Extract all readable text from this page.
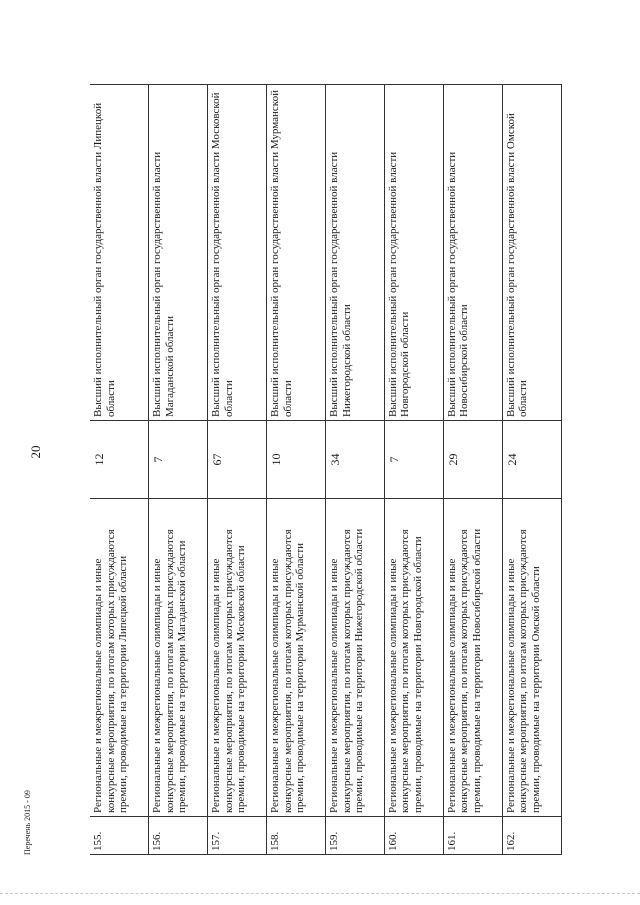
20
155.	Региональные и межрегиональные олимпиады и иные конкурсные мероприятия, по итогам которых присуждаются премии, проводимые на территории Липецкой области	12	Высший исполнительный орган государственной власти Липецкой области
156.	Региональные и межрегиональные олимпиады и иные конкурсные мероприятия, по итогам которых присуждаются премии, проводимые на территории Магаданской области	7	Высший исполнительный орган государственной власти Магаданской области
157.	Региональные и межрегиональные олимпиады и иные конкурсные мероприятия, по итогам которых присуждаются премии, проводимые на территории Московской области	67	Высший исполнительный орган государственной власти Московской области
158.	Региональные и межрегиональные олимпиады и иные конкурсные мероприятия, по итогам которых присуждаются премии, проводимые на территории Мурманской области	10	Высший исполнительный орган государственной власти Мурманской области
159.	Региональные и межрегиональные олимпиады и иные конкурсные мероприятия, по итогам которых присуждаются премии, проводимые на территории Нижегородской области	34	Высший исполнительный орган государственной власти Нижегородской области
160.	Региональные и межрегиональные олимпиады и иные конкурсные мероприятия, по итогам которых присуждаются премии, проводимые на территории Новгородской области	7	Высший исполнительный орган государственной власти Новгородской области
161.	Региональные и межрегиональные олимпиады и иные конкурсные мероприятия, по итогам которых присуждаются премии, проводимые на территории Новосибирской области	29	Высший исполнительный орган государственной власти Новосибирской области
162.	Региональные и межрегиональные олимпиады и иные конкурсные мероприятия, по итогам которых присуждаются премии, проводимые на территории Омской области	24	Высший исполнительный орган государственной власти Омской области
Перечень 2015 - 09
